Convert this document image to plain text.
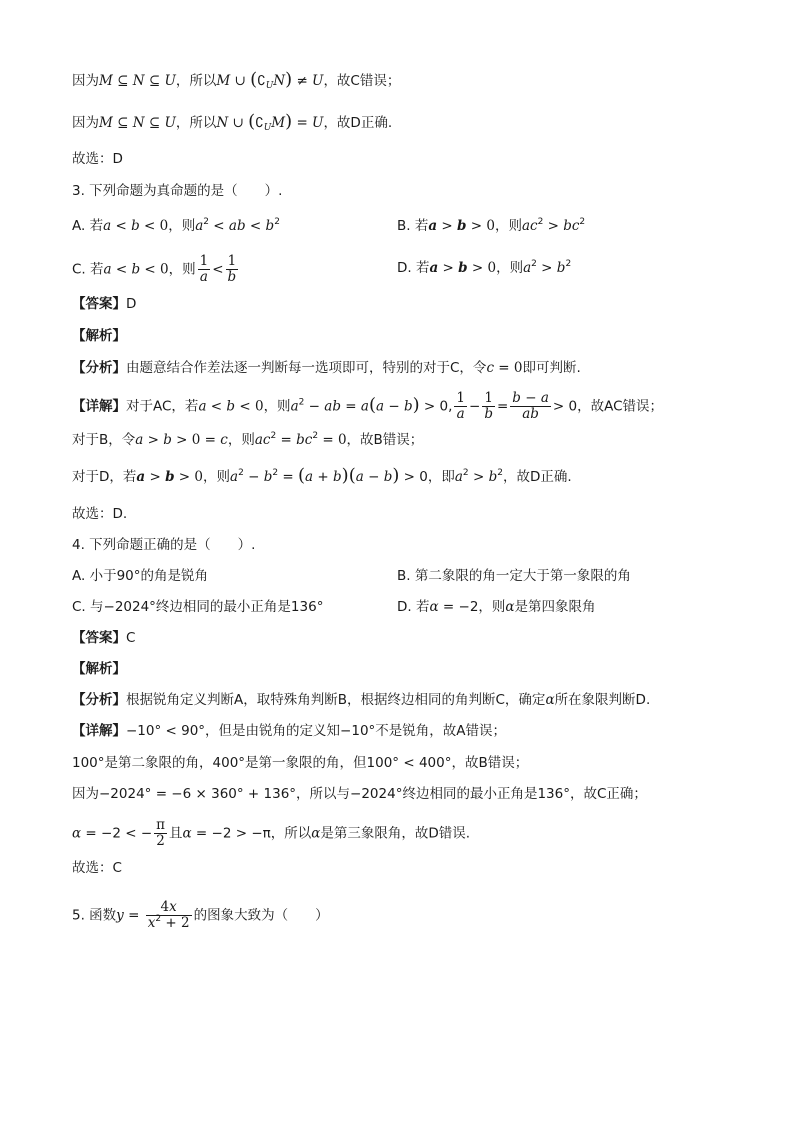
因为M ⊆ N ⊆ U，所以M ∪ $(∁_UN) \ne U$，故C错误；
因为M ⊆ N ⊆ U，所以N ∪ $(∁_UM) = U$，故D正确.
故选：D
3. 下列命题为真命题的是（　　）.
A. 若a < b < 0，则$a^2$ < ab < $b^2$	B. 若a > b > 0，则$ac^2 > bc^2$
C. 若a < b < 0，则 $\frac{1}{a} < \frac{1}{b}$	D. 若a > b > 0，则$a^2 > b^2$
【答案】D
【解析】
【分析】由题意结合作差法逐一判断每一选项即可，特别的对于C，令c = 0即可判断.
【详解】对于AC，若a < b < 0，则$a^2$ − ab = a(a − b) > 0, $\frac{1}{a} - \frac{1}{b} = \frac{b - a}{ab} > 0$，故AC错误；
对于B，令a > b > 0 = c，则$ac^2 = bc^2 = 0$，故B错误；
对于D，若a > b > 0，则$a^2 - b^2 = (a + b)(a - b) > 0$，即$a^2 > b^2$，故D正确.
故选：D.
4. 下列命题正确的是（　　）.
A. 小于90°的角是锐角	B. 第二象限的角一定大于第一象限的角
C. 与−2024°终边相同的最小正角是136°	D. 若α = −2，则α是第四象限角
【答案】C
【解析】
【分析】根据锐角定义判断A，取特殊角判断B，根据终边相同的角判断C，确定α所在象限判断D.
【详解】−10° < 90°，但是由锐角的定义知−10°不是锐角，故A错误；
100°是第二象限的角，400°是第一象限的角，但100° < 400°，故B错误；
因为−2024° = −6 × 360° + 136°，所以与−2024°终边相同的最小正角是136°，故C正确；
α = −2 < − $\frac{\pi}{2}$ 且α = −2 > −π，所以α是第三象限角，故D错误.
故选：C
5. 函数$y = \frac{4x}{x^2 + 2}$ 的图象大致为（　　）
